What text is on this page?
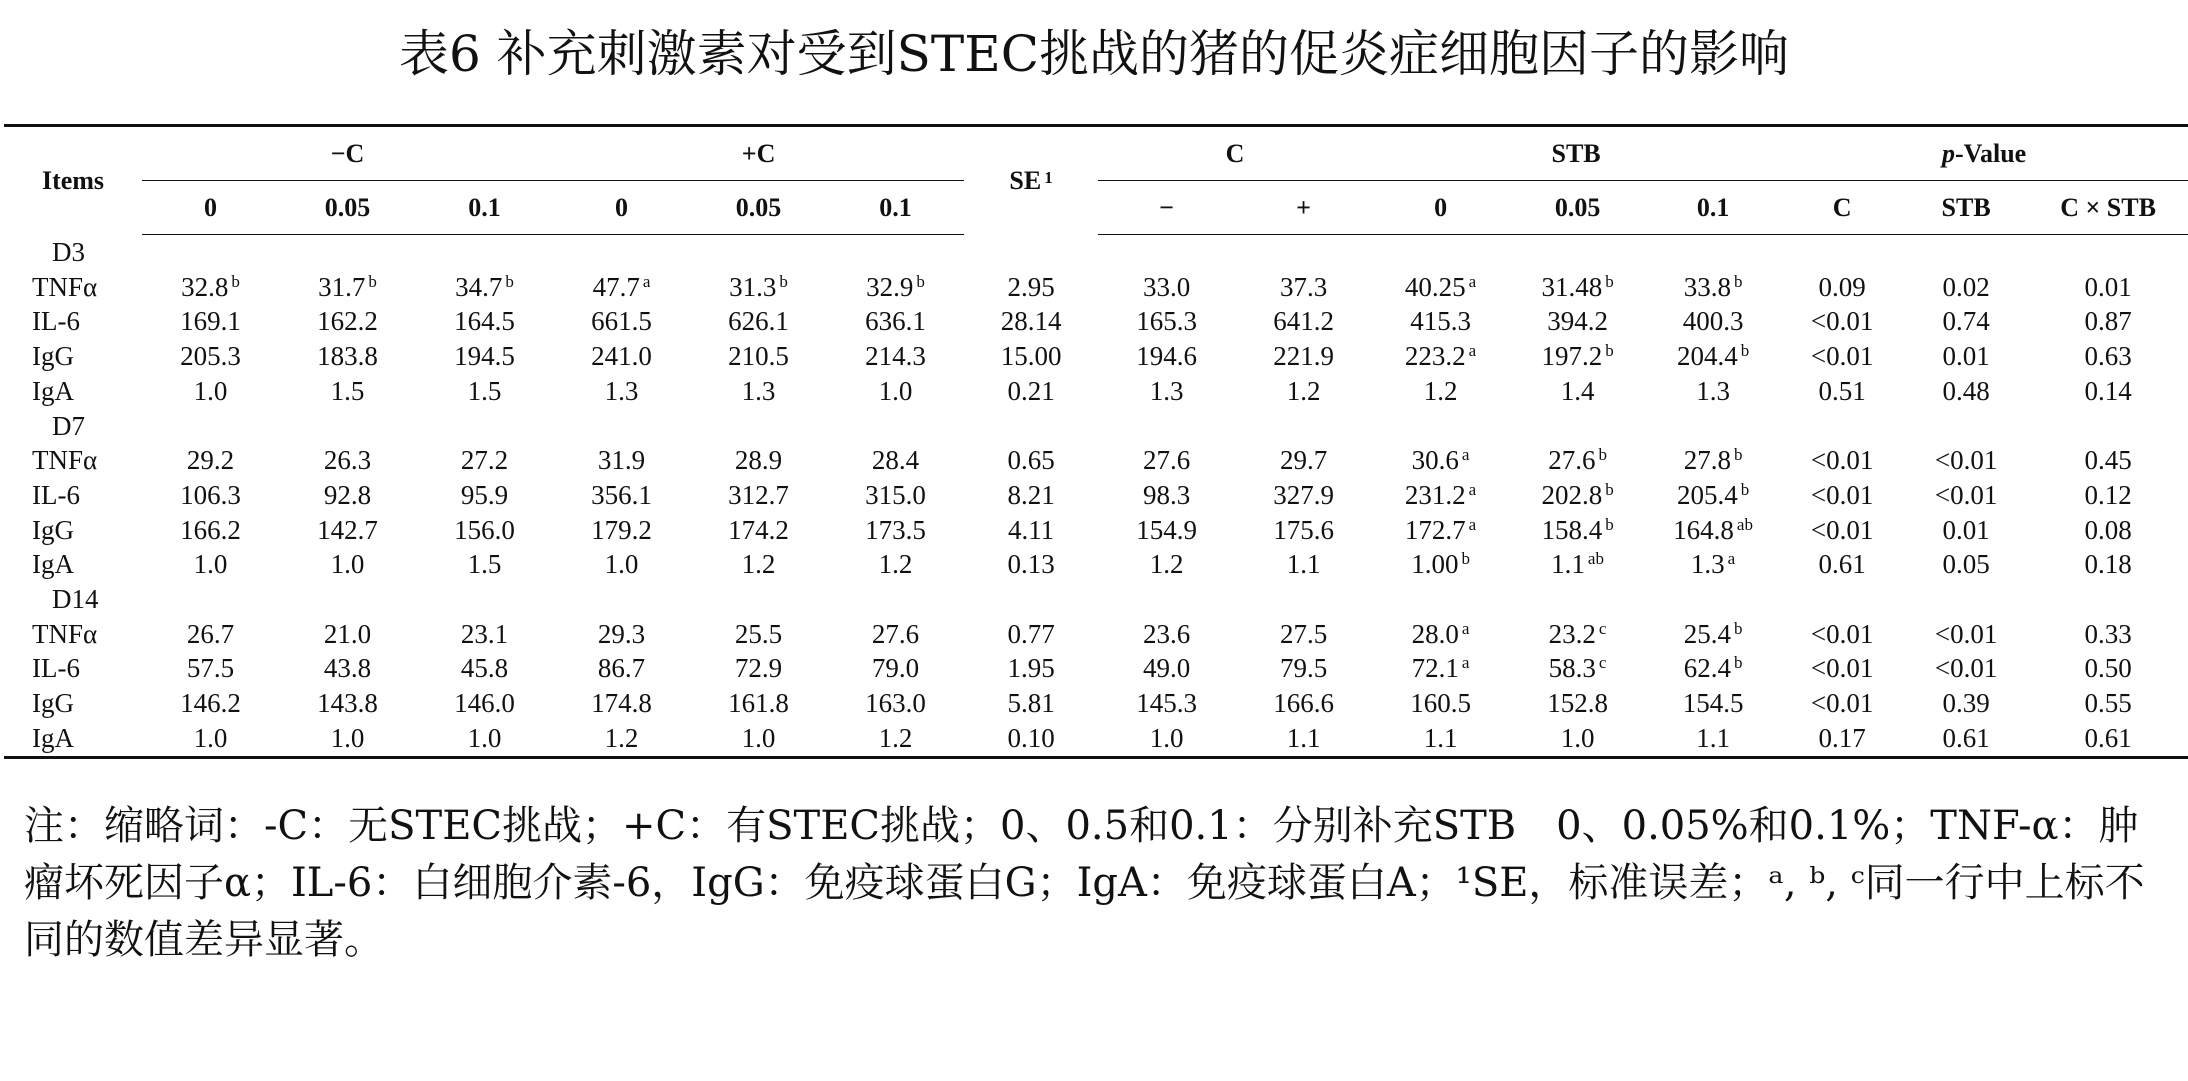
表6 补充刺激素对受到STEC挑战的猪的促炎症细胞因子的影响
Items	−C			+C			SE $^1$	C		STB			p-Value		
	0	0.05	0.1	0	0.05	0.1		−	+	0	0.05	0.1	C	STB	C × STB
D3															
TNFα	32.8 $^b$	31.7 $^b$	34.7 $^b$	47.7 $^a$	31.3 $^b$	32.9 $^b$	2.95	33.0	37.3	40.25 $^a$	31.48 $^b$	33.8 $^b$	0.09	0.02	0.01
IL-6	169.1	162.2	164.5	661.5	626.1	636.1	28.14	165.3	641.2	415.3	394.2	400.3	<0.01	0.74	0.87
IgG	205.3	183.8	194.5	241.0	210.5	214.3	15.00	194.6	221.9	223.2 $^a$	197.2 $^b$	204.4 $^b$	<0.01	0.01	0.63
IgA	1.0	1.5	1.5	1.3	1.3	1.0	0.21	1.3	1.2	1.2	1.4	1.3	0.51	0.48	0.14
D7															
TNFα	29.2	26.3	27.2	31.9	28.9	28.4	0.65	27.6	29.7	30.6 $^a$	27.6 $^b$	27.8 $^b$	<0.01	<0.01	0.45
IL-6	106.3	92.8	95.9	356.1	312.7	315.0	8.21	98.3	327.9	231.2 $^a$	202.8 $^b$	205.4 $^b$	<0.01	<0.01	0.12
IgG	166.2	142.7	156.0	179.2	174.2	173.5	4.11	154.9	175.6	172.7 $^a$	158.4 $^b$	164.8 $^{ab}$	<0.01	0.01	0.08
IgA	1.0	1.0	1.5	1.0	1.2	1.2	0.13	1.2	1.1	1.00 $^b$	1.1 $^{ab}$	1.3 $^a$	0.61	0.05	0.18
D14															
TNFα	26.7	21.0	23.1	29.3	25.5	27.6	0.77	23.6	27.5	28.0 $^a$	23.2 $^c$	25.4 $^b$	<0.01	<0.01	0.33
IL-6	57.5	43.8	45.8	86.7	72.9	79.0	1.95	49.0	79.5	72.1 $^a$	58.3 $^c$	62.4 $^b$	<0.01	<0.01	0.50
IgG	146.2	143.8	146.0	174.8	161.8	163.0	5.81	145.3	166.6	160.5	152.8	154.5	<0.01	0.39	0.55
IgA	1.0	1.0	1.0	1.2	1.0	1.2	0.10	1.0	1.1	1.1	1.0	1.1	0.17	0.61	0.61
注：缩略词：-C：无STEC挑战；+C：有STEC挑战；0、0.5和0.1：分别补充STB　0、0.05%和0.1%；TNF-α：肿瘤坏死因子α；IL-6：白细胞介素-6，IgG：免疫球蛋白G；IgA：免疫球蛋白A；¹SE，标准误差；ᵃ, ᵇ, ᶜ同一行中上标不同的数值差异显著。
